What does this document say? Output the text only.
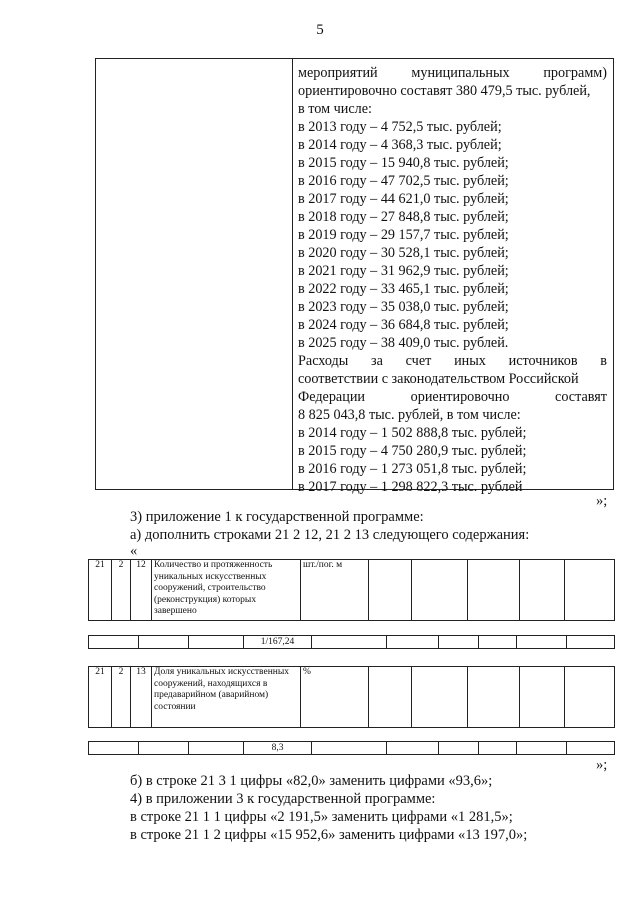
5
мероприятий муниципальных программ)
ориентировочно составят 380 479,5 тыс. рублей,
в том числе:
в 2013 году – 4 752,5 тыс. рублей;
в 2014 году – 4 368,3 тыс. рублей;
в 2015 году – 15 940,8 тыс. рублей;
в 2016 году – 47 702,5 тыс. рублей;
в 2017 году – 44 621,0 тыс. рублей;
в 2018 году – 27 848,8 тыс. рублей;
в 2019 году – 29 157,7 тыс. рублей;
в 2020 году – 30 528,1 тыс. рублей;
в 2021 году – 31 962,9 тыс. рублей;
в 2022 году – 33 465,1 тыс. рублей;
в 2023 году – 35 038,0 тыс. рублей;
в 2024 году – 36 684,8 тыс. рублей;
в 2025 году – 38 409,0 тыс. рублей.
Расходы за счет иных источников в
соответствии с законодательством Российской
Федерации	ориентировочно	составят
8 825 043,8 тыс. рублей, в том числе:
в 2014 году – 1 502 888,8 тыс. рублей;
в 2015 году – 4 750 280,9 тыс. рублей;
в 2016 году – 1 273 051,8 тыс. рублей;
в 2017 году – 1 298 822,3 тыс. рублей
»;
3) приложение 1 к государственной программе:
а) дополнить строками 21 2 12, 21 2 13 следующего содержания:
«
21	2	12	Количество и протяженность уникальных искусственных сооружений, строительство (реконструкция) которых завершено	шт./пог. м					
			1/167,24						
21	2	13	Доля уникальных искусственных сооружений, находящихся в предаварийном (аварийном) состоянии	%					
			8,3						
»;
б) в строке 21 3 1 цифры «82,0» заменить цифрами «93,6»;
4) в приложении 3 к государственной программе:
в строке 21 1 1 цифры «2 191,5» заменить цифрами «1 281,5»;
в строке 21 1 2 цифры «15 952,6» заменить цифрами «13 197,0»;
